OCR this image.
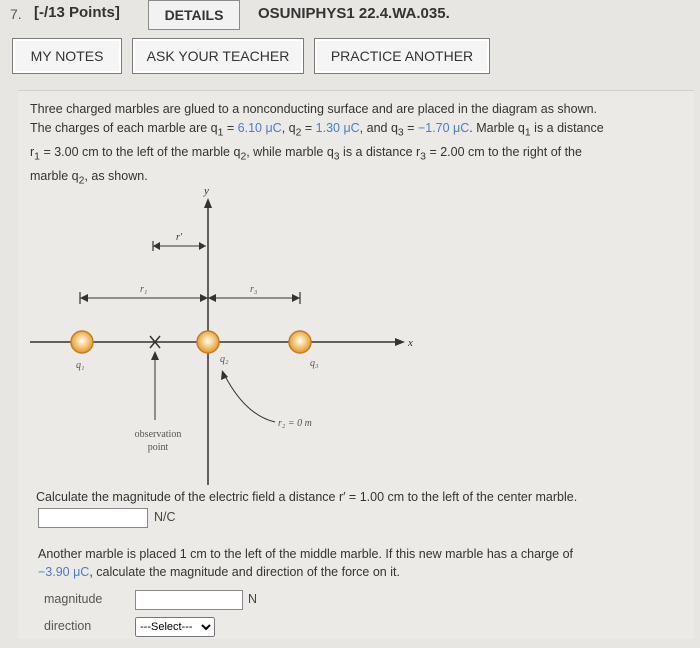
7. [-/13 Points]	DETAILS	OSUNIPHYS1 22.4.WA.035.
MY NOTES	ASK YOUR TEACHER	PRACTICE ANOTHER
Three charged marbles are glued to a nonconducting surface and are placed in the diagram as shown.
The charges of each marble are $q_1 = 6.10$ μC, $q_2 = 1.30$ μC, and $q_3 = -1.70$ μC. Marble $q_1$ is a distance
$r_1 = 3.00$ cm to the left of the marble $q_2$, while marble $q_3$ is a distance $r_3 = 2.00$ cm to the right of the
marble $q_2$, as shown.
x
y
r′
r₁	r₃
q₁
q₂	q₃
observation
point
r₂ = 0 m
Calculate the magnitude of the electric field a distance r′ = 1.00 cm to the left of the center marble.
N/C
Another marble is placed 1 cm to the left of the middle marble. If this new marble has a charge of
−3.90 μC, calculate the magnitude and direction of the force on it.
magnitude	N
direction
---Select---
